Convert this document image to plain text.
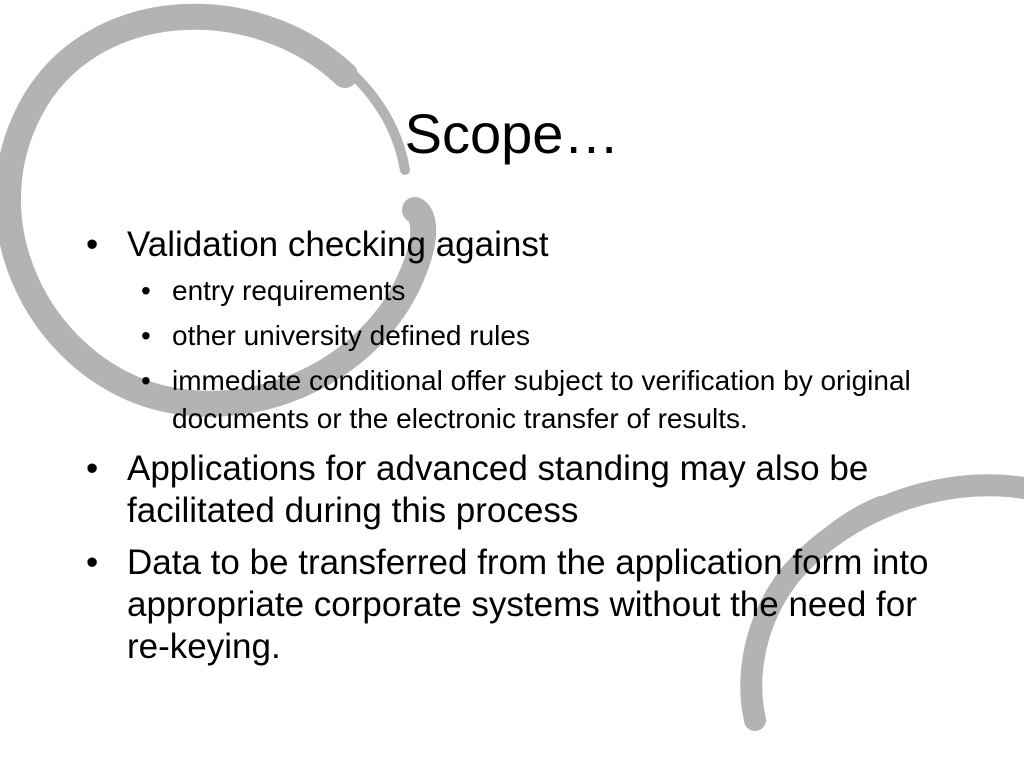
Scope…
• Validation checking against
• entry requirements
• other university defined rules
• immediate conditional offer subject to verification by original documents or the electronic transfer of results.
• Applications for advanced standing may also be facilitated during this process
• Data to be transferred from the application form into appropriate corporate systems without the need for re-keying.
